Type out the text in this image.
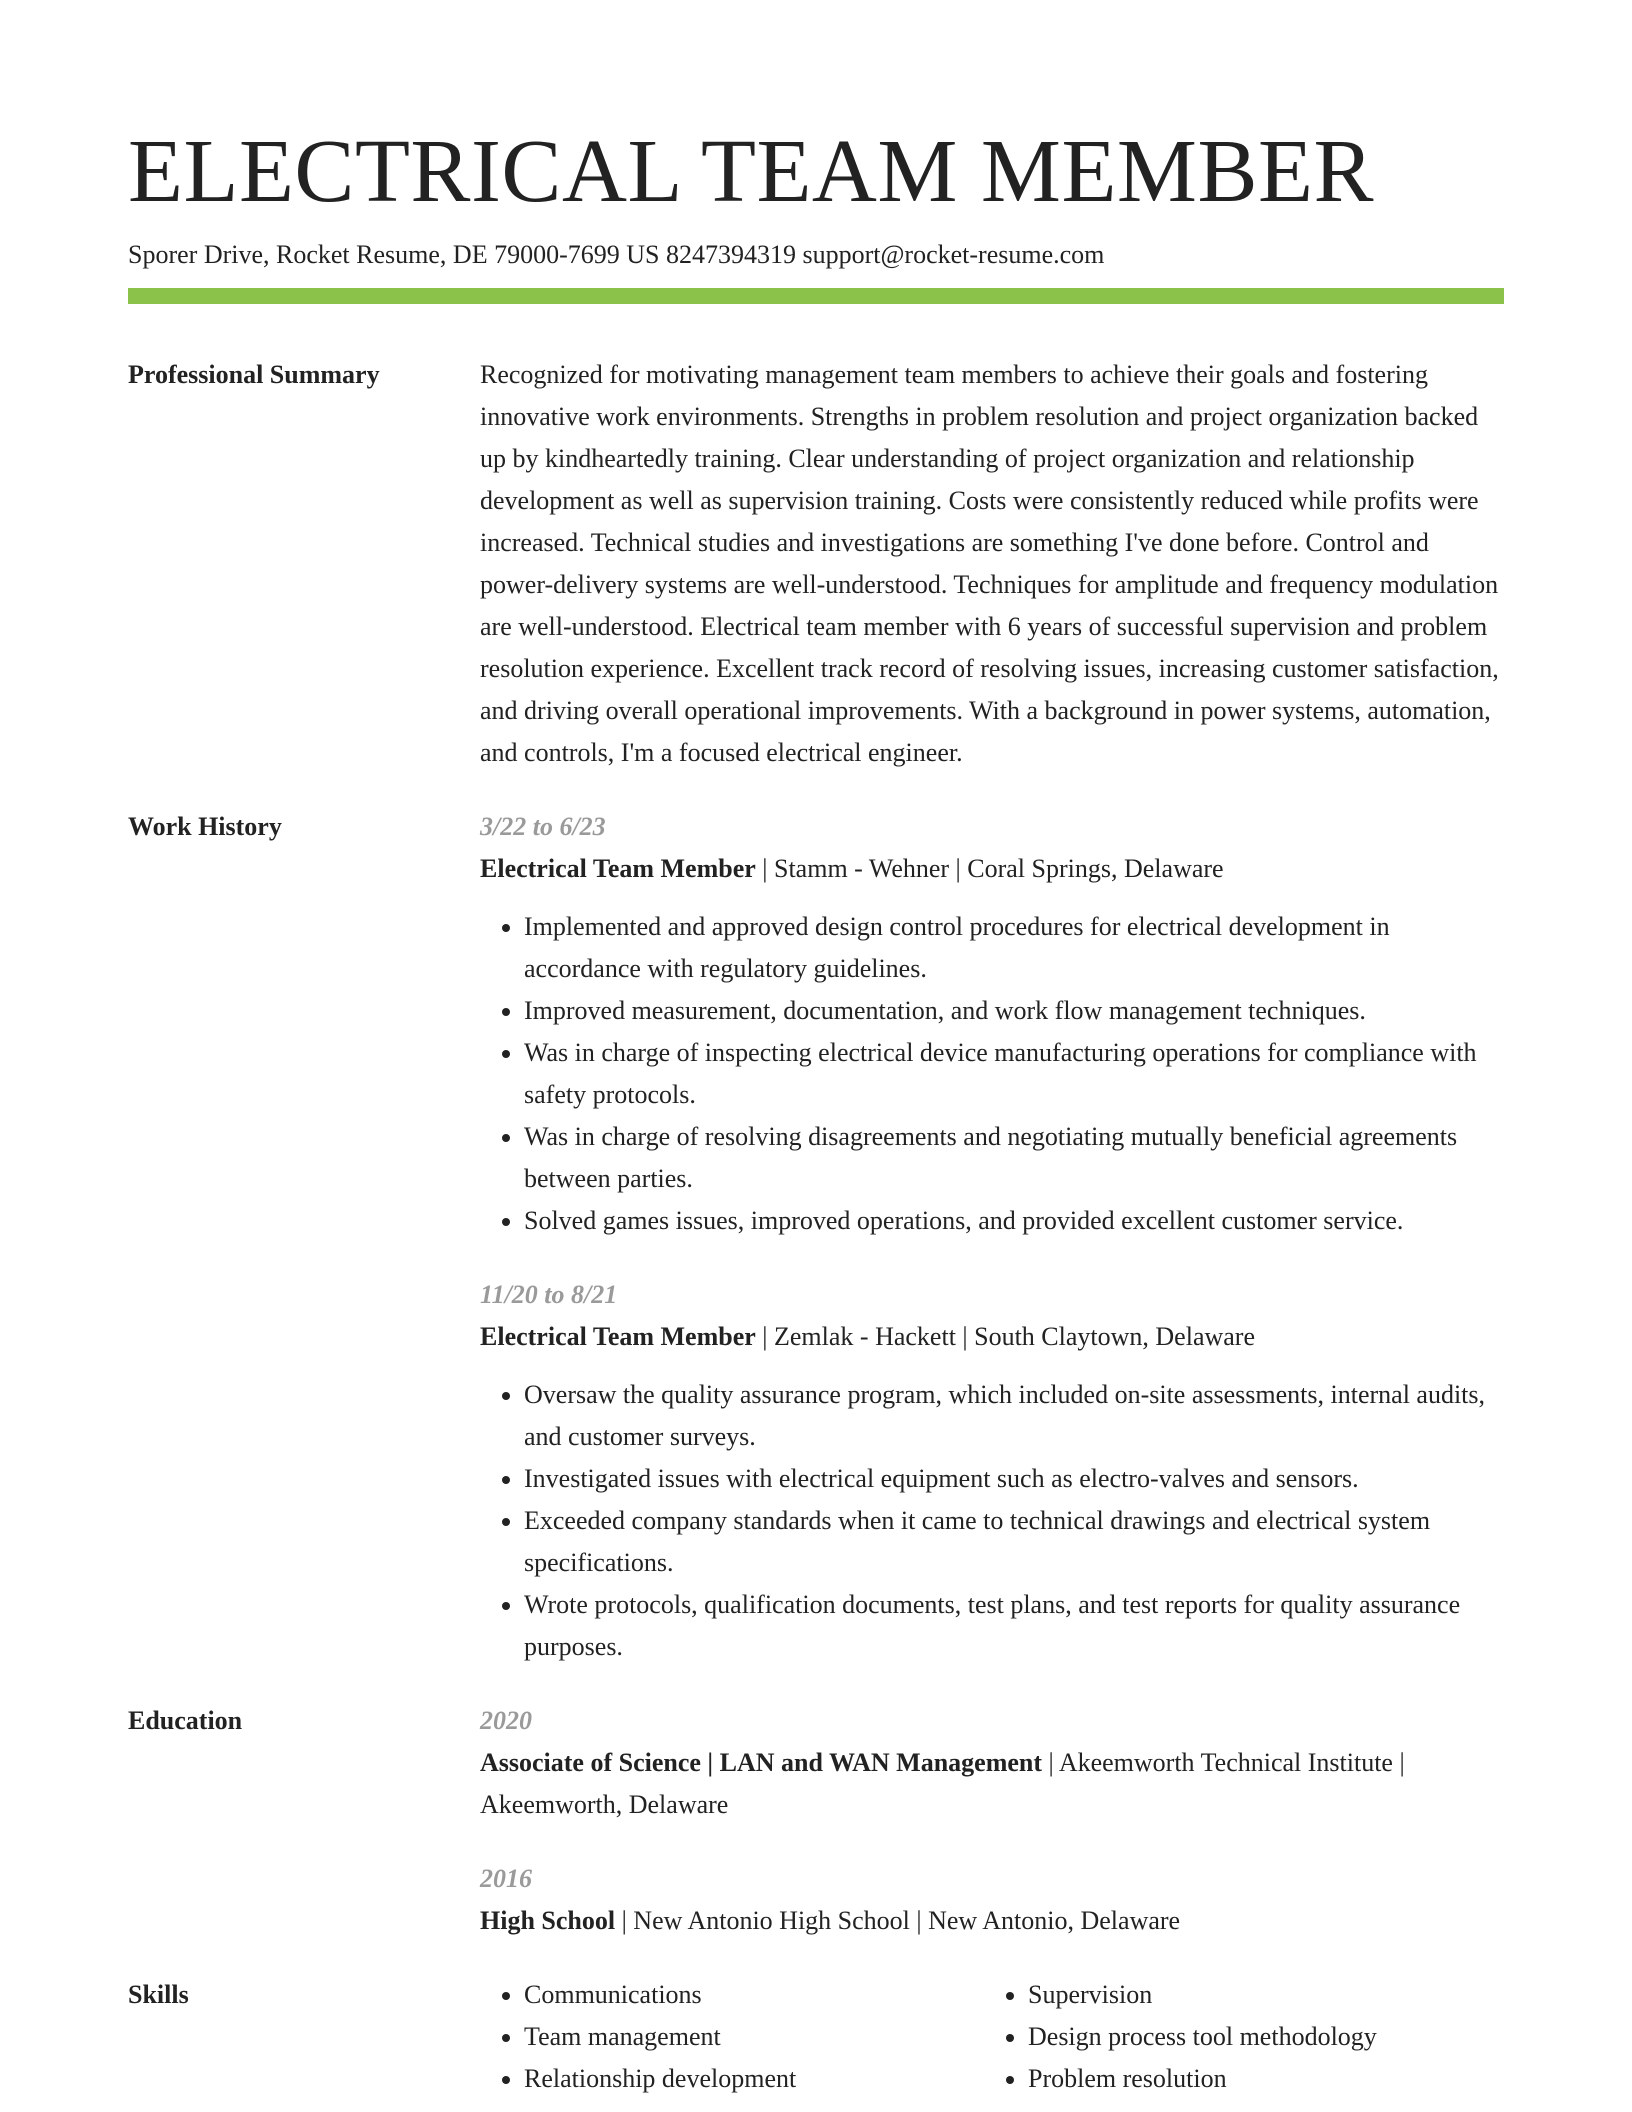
ELECTRICAL TEAM MEMBER
Sporer Drive, Rocket Resume, DE 79000-7699 US 8247394319 support@rocket-resume.com
Professional Summary	Recognized for motivating management team members to achieve their goals and fostering innovative work environments. Strengths in problem resolution and project organization backed up by kindheartedly training. Clear understanding of project organization and relationship development as well as supervision training. Costs were consistently reduced while profits were increased. Technical studies and investigations are something I've done before. Control and power-delivery systems are well-understood. Techniques for amplitude and frequency modulation are well-understood. Electrical team member with 6 years of successful supervision and problem resolution experience. Excellent track record of resolving issues, increasing customer satisfaction, and driving overall operational improvements. With a background in power systems, automation, and controls, I'm a focused electrical engineer.
Work History	3/22 to 6/23
Electrical Team Member | Stamm - Wehner | Coral Springs, Delaware
• Implemented and approved design control procedures for electrical development in accordance with regulatory guidelines.
• Improved measurement, documentation, and work flow management techniques.
• Was in charge of inspecting electrical device manufacturing operations for compliance with safety protocols.
• Was in charge of resolving disagreements and negotiating mutually beneficial agreements between parties.
• Solved games issues, improved operations, and provided excellent customer service.
11/20 to 8/21
Electrical Team Member | Zemlak - Hackett | South Claytown, Delaware
• Oversaw the quality assurance program, which included on-site assessments, internal audits, and customer surveys.
• Investigated issues with electrical equipment such as electro-valves and sensors.
• Exceeded company standards when it came to technical drawings and electrical system specifications.
• Wrote protocols, qualification documents, test plans, and test reports for quality assurance purposes.
Education	2020
Associate of Science | LAN and WAN Management | Akeemworth Technical Institute | Akeemworth, Delaware
2016
High School | New Antonio High School | New Antonio, Delaware
Skills
•	Communications
• Team management
• Relationship development
• Supervision
• Design process tool methodology
• Problem resolution
